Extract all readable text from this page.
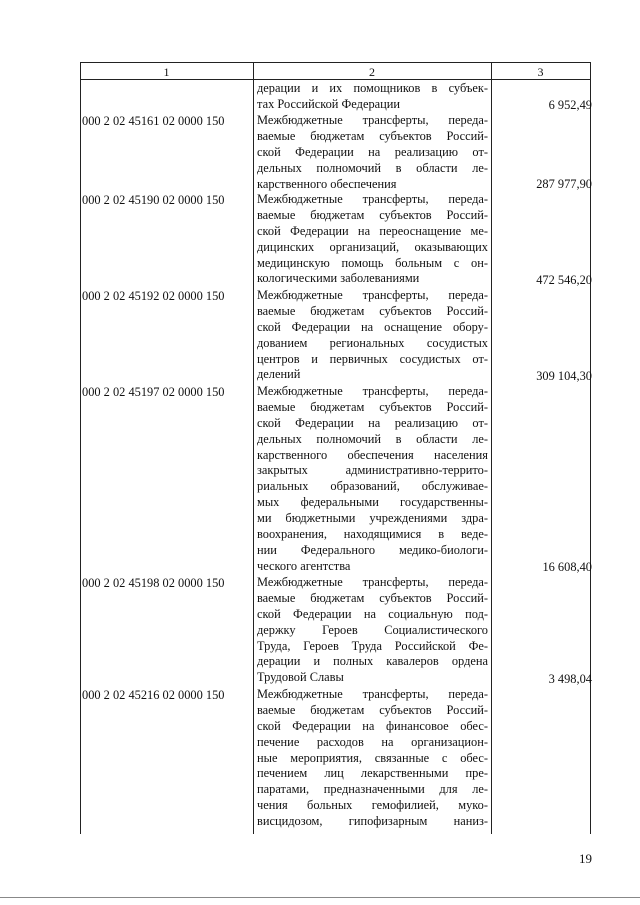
1	2	3
дерации и их помощников в субъек-
тах Российской Федерации
000 2 02 45161 02 0000 150
6 952,49
Межбюджетные трансферты, переда-
ваемые бюджетам субъектов Россий-
ской Федерации на реализацию от-
дельных полномочий в области ле-
карственного обеспечения
000 2 02 45190 02 0000 150
287 977,90
Межбюджетные трансферты, переда-
ваемые бюджетам субъектов Россий-
ской Федерации на переоснащение ме-
дицинских организаций, оказывающих
медицинскую помощь больным с он-
кологическими заболеваниями
000 2 02 45192 02 0000 150
472 546,20
Межбюджетные трансферты, переда-
ваемые бюджетам субъектов Россий-
ской Федерации на оснащение обору-
дованием региональных сосудистых
центров и первичных сосудистых от-
делений
000 2 02 45197 02 0000 150
309 104,30
Межбюджетные трансферты, переда-
ваемые бюджетам субъектов Россий-
ской Федерации на реализацию от-
дельных полномочий в области ле-
карственного обеспечения населения
закрытых административно-террито-
риальных образований, обслуживае-
мых федеральными государственны-
ми бюджетными учреждениями здра-
воохранения, находящимися в веде-
нии Федерального медико-биологи-
ческого агентства
000 2 02 45198 02 0000 150
16 608,40
Межбюджетные трансферты, переда-
ваемые бюджетам субъектов Россий-
ской Федерации на социальную под-
держку Героев Социалистического
Труда, Героев Труда Российской Фе-
дерации и полных кавалеров ордена
Трудовой Славы
000 2 02 45216 02 0000 150
3 498,04
Межбюджетные трансферты, переда-
ваемые бюджетам субъектов Россий-
ской Федерации на финансовое обес-
печение расходов на организацион-
ные мероприятия, связанные с обес-
печением лиц лекарственными пре-
паратами, предназначенными для ле-
чения больных гемофилией, муко-
висцидозом, гипофизарным наниз-
19
